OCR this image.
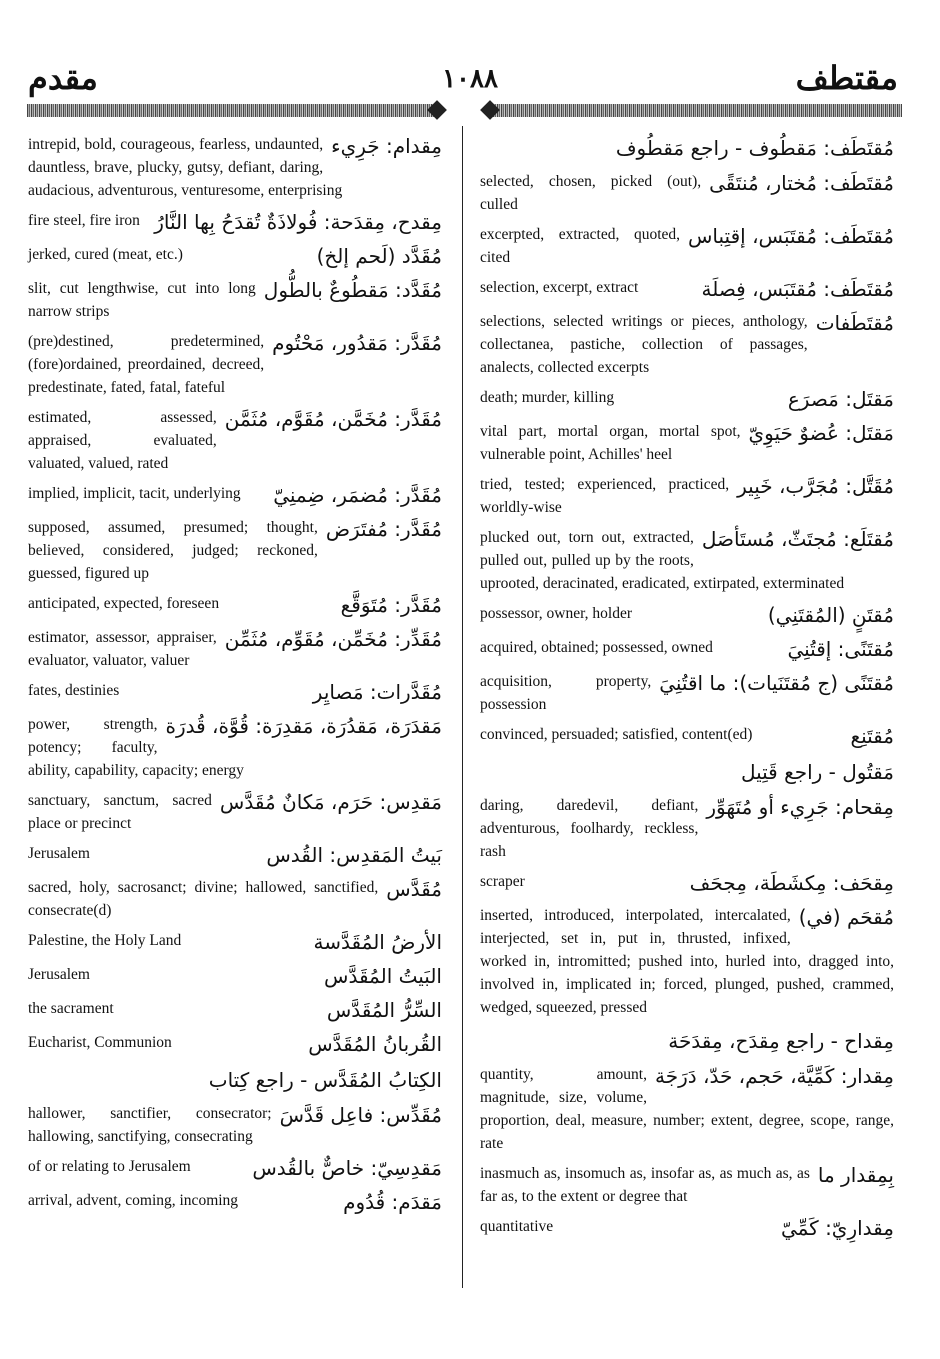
مقدم	١٠٨٨	مقتطف
مِقدام: جَرِيء
intrepid, bold, courageous, fearless, undaunted, dauntless, brave, plucky, gutsy, defiant, daring, audacious, adventurous, venturesome, enterprising
مِقدح، مِقدَحة: فُولاذَةٌ تُقدَحُ بِها النَّارُ
fire steel, fire iron
مُقَدَّد (لَحم إلخ)
jerked, cured (meat, etc.)
مُقَدَّد: مَقطُوعٌ بالطُّول
slit, cut lengthwise, cut into long narrow strips
مُقَدَّر: مَقدُور، مَحْتُوم
(pre)destined, predetermined, (fore)ordained, preordained, decreed, predestinate, fated, fatal, fateful
مُقَدَّر: مُخَمَّن، مُقَوَّم، مُثَمَّن
estimated, assessed, appraised, evaluated, valuated, valued, rated
مُقَدَّر: مُضمَر، ضِمنِيّ
implied, implicit, tacit, underlying
مُقَدَّر: مُفتَرَض
supposed, assumed, presumed; thought, believed, considered, judged; reckoned, guessed, figured up
مُقَدَّر: مُتَوَقَّع
anticipated, expected, foreseen
مُقَدِّر: مُخَمِّن، مُقَوِّم، مُثَمِّن
estimator, assessor, appraiser, evaluator, valuator, valuer
مُقَدَّرات: مَصايِر
fates, destinies
مَقدَرَة، مَقدُرَة، مَقدِرَة: قُوَّة، قُدرَة
power, strength, potency; faculty, ability, capability, capacity; energy
مَقدِس: حَرَم، مَكانٌ مُقَدَّس
sanctuary, sanctum, sacred place or precinct
بَيتُ المَقدِس: القُدس
Jerusalem
مُقَدَّس
sacred, holy, sacrosanct; divine; hallowed, sanctified, consecrate(d)
الأرضُ المُقَدَّسة
Palestine, the Holy Land
البَيتُ المُقَدَّس
Jerusalem
السِّرُّ المُقَدَّس
the sacrament
القُربانُ المُقَدَّس
Eucharist, Communion
الكِتابُ المُقَدَّس - راجع كِتاب
مُقَدِّس: فاعِل قَدَّسَ
hallower, sanctifier, consecrator; hallowing, sanctifying, consecrating
مَقدِسِيّ: خاصٌّ بالقُدس
of or relating to Jerusalem
مَقدَم: قُدُوم
arrival, advent, coming, incoming
مُقتَطَف: مَقطُوف - راجع مَقطُوف
مُقتَطَف: مُختار، مُنتَقًى
selected, chosen, picked (out), culled
مُقتَطَف: مُقتَبَس، إقتِباس
excerpted, extracted, quoted, cited
مُقتَطَف: مُقتَبَس، فِصلَة
selection, excerpt, extract
مُقتَطَفات
selections, selected writings or pieces, anthology, collectanea, pastiche, collection of passages, analects, collected excerpts
مَقتَل: مَصرَع
death; murder, killing
مَقتَل: عُضوٌ حَيَوِيّ
vital part, mortal organ, mortal spot, vulnerable point, Achilles' heel
مُقَتَّل: مُجَرَّب، خَبِير
tried, tested; experienced, practiced, worldly-wise
مُقتَلَع: مُجتَثّ، مُستَأصَل
plucked out, torn out, extracted, pulled out, pulled up by the roots, uprooted, deracinated, eradicated, extirpated, exterminated
مُقتَنٍ (المُقتَنِي)
possessor, owner, holder
مُقتَنًى: إقتُنِيَ
acquired, obtained; possessed, owned
مُقتَنًى (ج مُقتَنَيات): ما اقتُنِيَ
acquisition, property, possession
مُقتَنِع
convinced, persuaded; satisfied, content(ed)
مَقتُول - راجع قَتِيل
مِقحام: جَرِيء أو مُتَهَوِّر
daring, daredevil, defiant, adventurous, foolhardy, reckless, rash
مِقحَف: مِكشَطَة، مِجحَف
scraper
مُقحَم (في)
inserted, introduced, interpolated, intercalated, interjected, set in, put in, thrusted, infixed, worked in, intromitted; pushed into, hurled into, dragged into, involved in, implicated in; forced, plunged, pushed, crammed, wedged, squeezed, pressed
مِقداح - راجع مِقدَح، مِقدَحَة
مِقدار: كَمِّيَّة، حَجم، حَدّ، دَرَجَة
quantity, amount, magnitude, size, volume, proportion, deal, measure, number; extent, degree, scope, range, rate
بِمِقدار ما
inasmuch as, insomuch as, insofar as, as much as, as far as, to the extent or degree that
مِقدارِيّ: كَمِّيّ
quantitative
